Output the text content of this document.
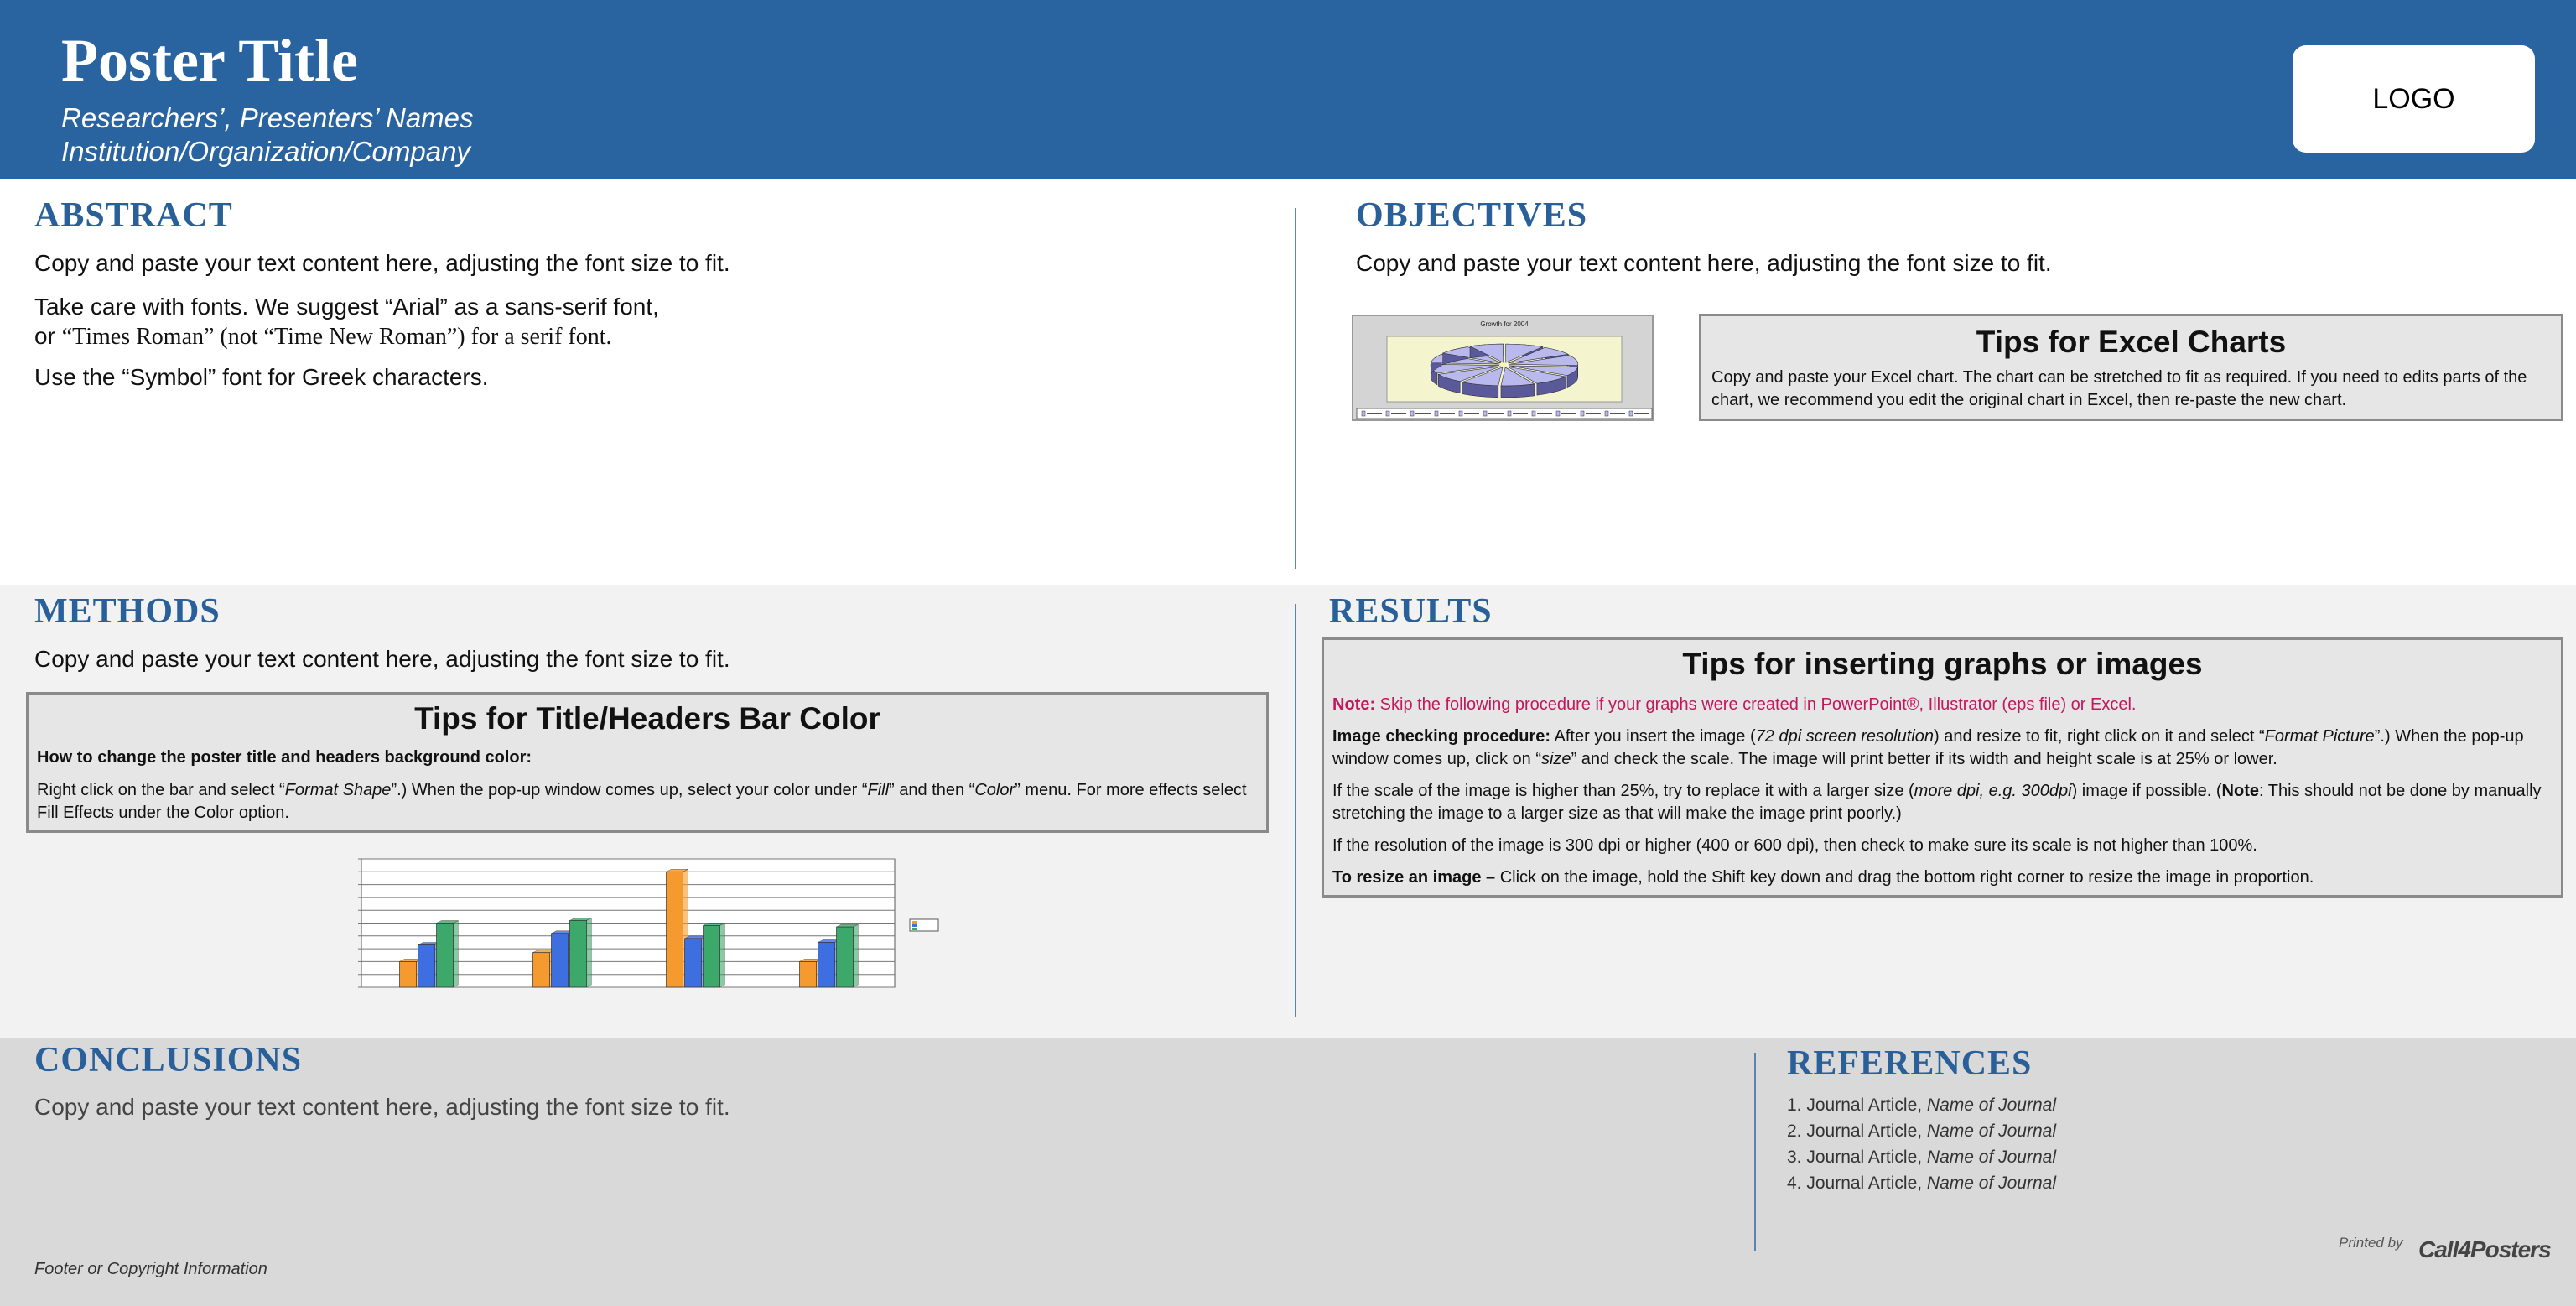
Poster Title
Researchers’, Presenters’ Names
Institution/Organization/Company
LOGO
ABSTRACT
Copy and paste your text content here, adjusting the font size to fit.
Take care with fonts. We suggest “Arial” as a sans-serif font,
or “Times Roman” (not “Time New Roman”) for a serif font.
Use the “Symbol” font for Greek characters.
OBJECTIVES
Copy and paste your text content here, adjusting the font size to fit.
Growth for 2004
Tips for Excel Charts
Copy and paste your Excel chart. The chart can be stretched to fit as required. If you need to edits parts of the chart, we recommend you edit the original chart in Excel, then re-paste the new chart.
METHODS
Copy and paste your text content here, adjusting the font size to fit.
Tips for Title/Headers Bar Color
How to change the poster title and headers background color:
Right click on the bar and select “Format Shape”.) When the pop-up window comes up, select your color under “Fill” and then “Color” menu. For more effects select Fill Effects under the Color option.
RESULTS
Tips for inserting graphs or images
Note: Skip the following procedure if your graphs were created in PowerPoint®, Illustrator (eps file) or Excel.
Image checking procedure: After you insert the image (72 dpi screen resolution) and resize to fit, right click on it and select “Format Picture”.) When the pop-up window comes up, click on “size” and check the scale. The image will print better if its width and height scale is at 25% or lower.
If the scale of the image is higher than 25%, try to replace it with a larger size (more dpi, e.g. 300dpi) image if possible. (Note: This should not be done by manually stretching the image to a larger size as that will make the image print poorly.)
If the resolution of the image is 300 dpi or higher (400 or 600 dpi), then check to make sure its scale is not higher than 100%.
To resize an image – Click on the image, hold the Shift key down and drag the bottom right corner to resize the image in proportion.
CONCLUSIONS
Copy and paste your text content here, adjusting the font size to fit.
REFERENCES
1. Journal Article, Name of Journal
2. Journal Article, Name of Journal
3. Journal Article, Name of Journal
4. Journal Article, Name of Journal
Footer or Copyright Information
Printed by Call4Posters
